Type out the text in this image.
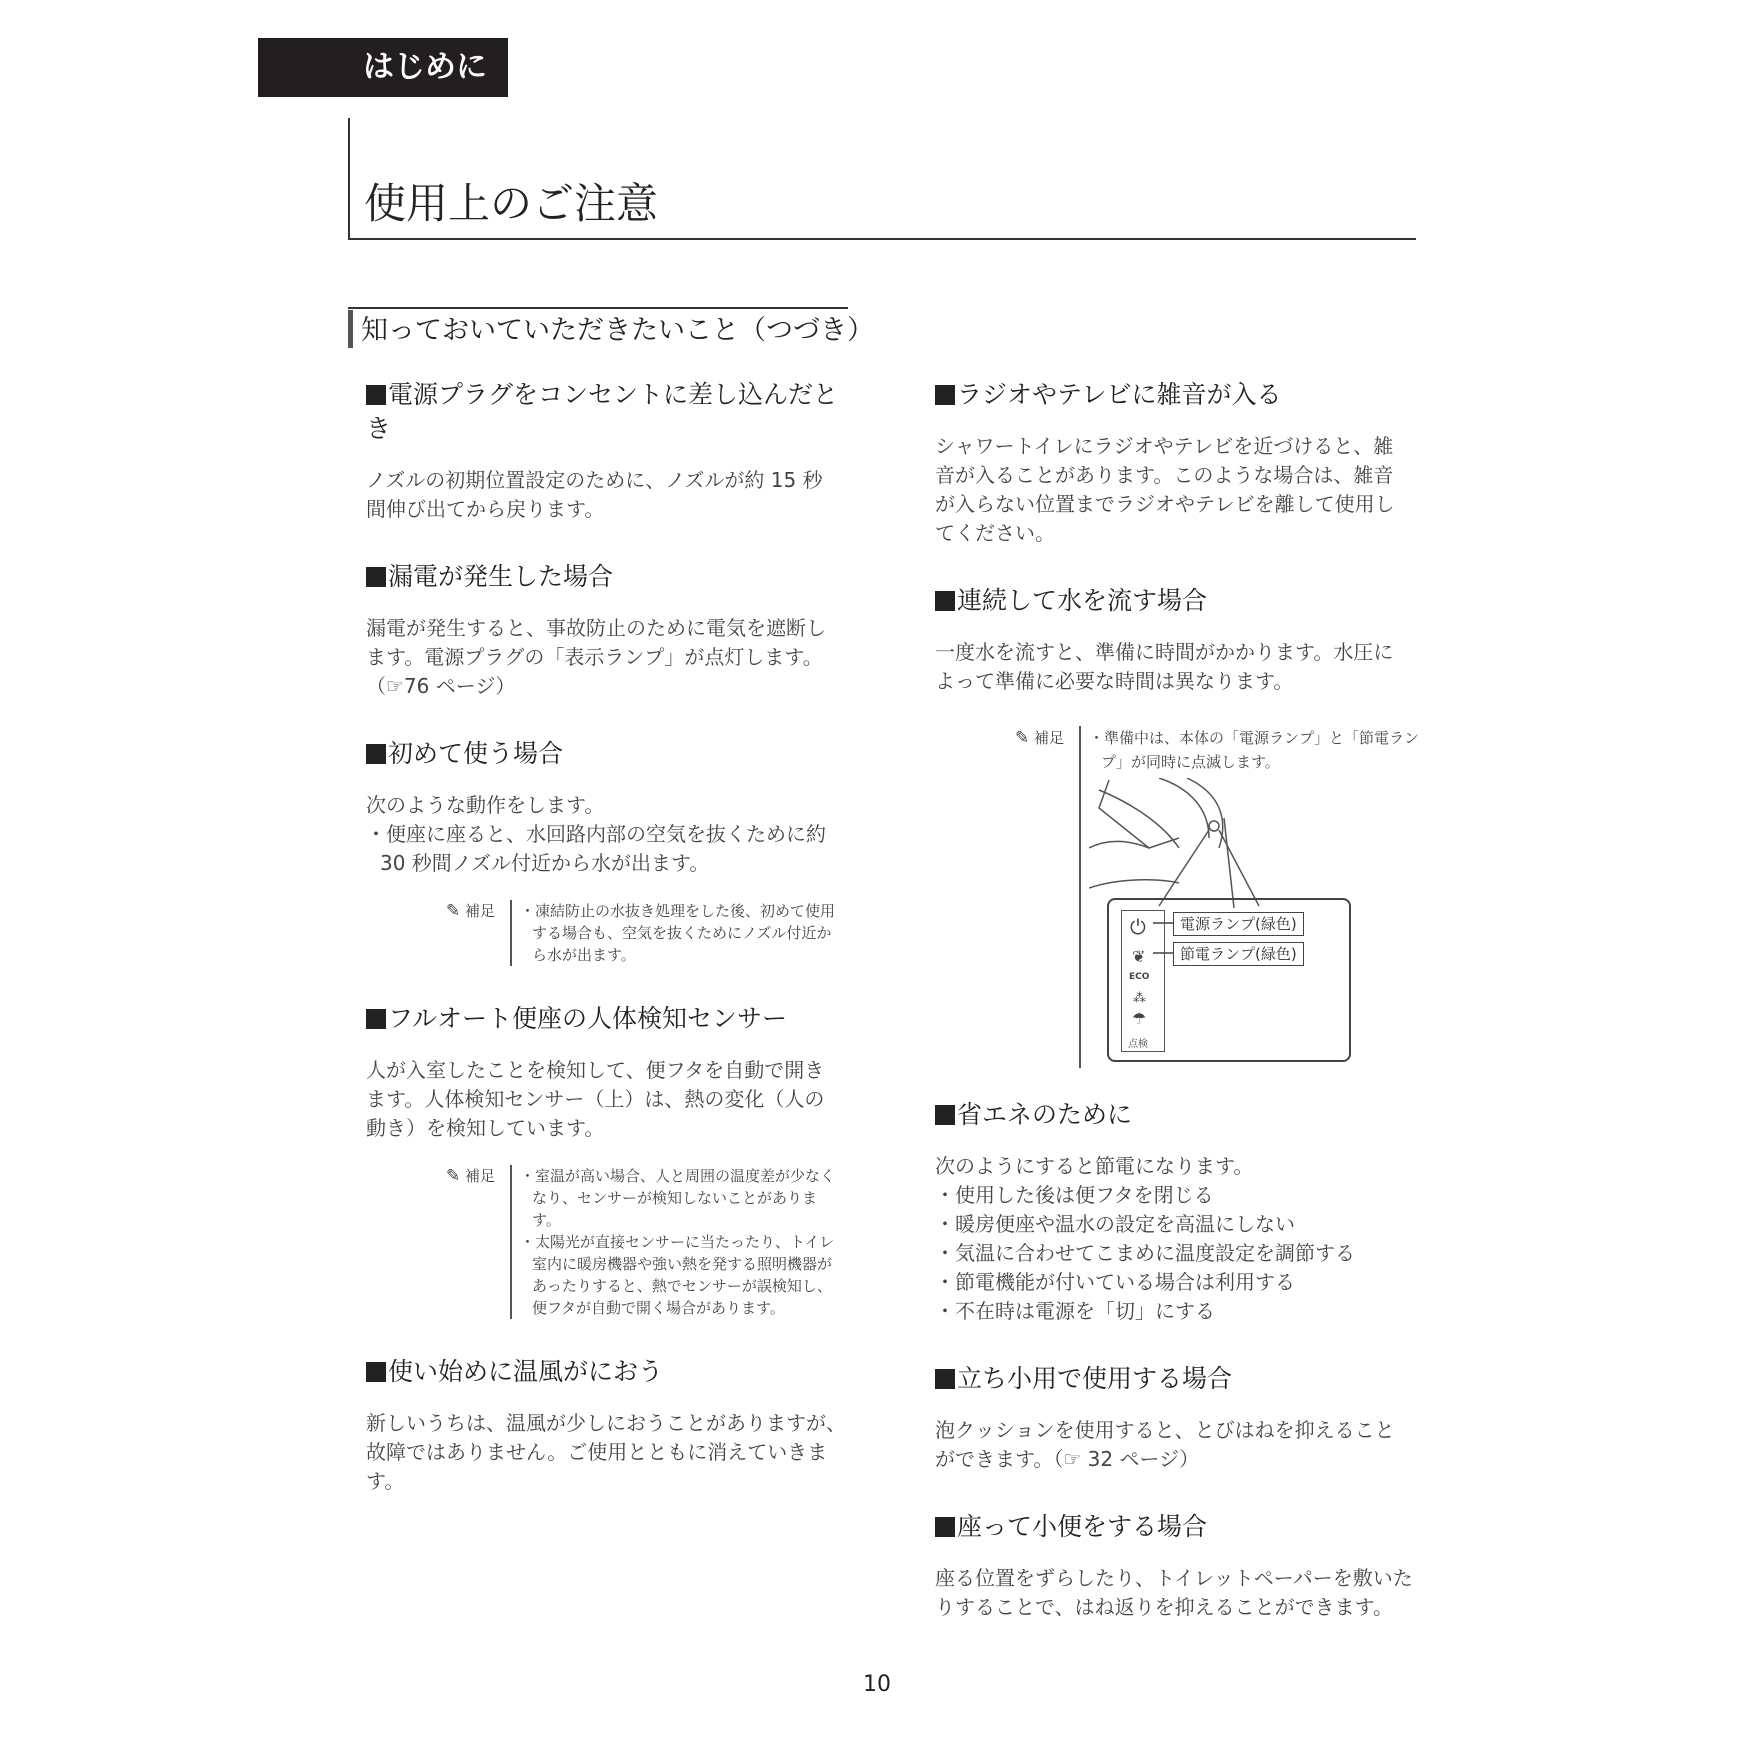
はじめに
使用上のご注意
知っておいていただきたいこと（つづき）

電源プラグをコンセントに差し込んだとき

ノズルの初期位置設定のために、ノズルが約 15 秒

間伸び出てから戻ります。

漏電が発生した場合

漏電が発生すると、事故防止のために電気を遮断し

ます。電源プラグの「表示ランプ」が点灯します。

（☞76 ページ）

初めて使う場合

次のような動作をします。

・便座に座ると、水回路内部の空気を抜くために約 30 秒間ノズル付近から水が出ます。

✎ 補足	・凍結防止の水抜き処理をした後、初めて使用する場合も、空気を抜くためにノズル付近から水が出ます。

フルオート便座の人体検知センサー

人が入室したことを検知して、便フタを自動で開き

ます。人体検知センサー（上）は、熱の変化（人の

動き）を検知しています。

✎ 補足	・室温が高い場合、人と周囲の温度差が少なくなり、センサーが検知しないことがあります。
・太陽光が直接センサーに当たったり、トイレ室内に暖房機器や強い熱を発する照明機器があったりすると、熱でセンサーが誤検知し、便フタが自動で開く場合があります。

使い始めに温風がにおう

新しいうちは、温風が少しにおうことがありますが、

故障ではありません。ご使用とともに消えていきます。

ラジオやテレビに雑音が入る

シャワートイレにラジオやテレビを近づけると、雑

音が入ることがあります。このような場合は、雑音

が入らない位置までラジオやテレビを離して使用し

てください。

連続して水を流す場合

一度水を流すと、準備に時間がかかります。水圧に

よって準備に必要な時間は異なります。

✎ 補足	・準備中は、本体の「電源ランプ」と「節電ランプ」が同時に点滅します。
⏻
❦
ECO
⁂
☂
点検
電源ランプ(緑色)
節電ランプ(緑色)

省エネのために

次のようにすると節電になります。

・使用した後は便フタを閉じる

・暖房便座や温水の設定を高温にしない

・気温に合わせてこまめに温度設定を調節する

・節電機能が付いている場合は利用する

・不在時は電源を「切」にする

立ち小用で使用する場合

泡クッションを使用すると、とびはねを抑えること

ができます。（☞ 32 ページ）

座って小便をする場合

座る位置をずらしたり、トイレットペーパーを敷いた

りすることで、はね返りを抑えることができます。

10
